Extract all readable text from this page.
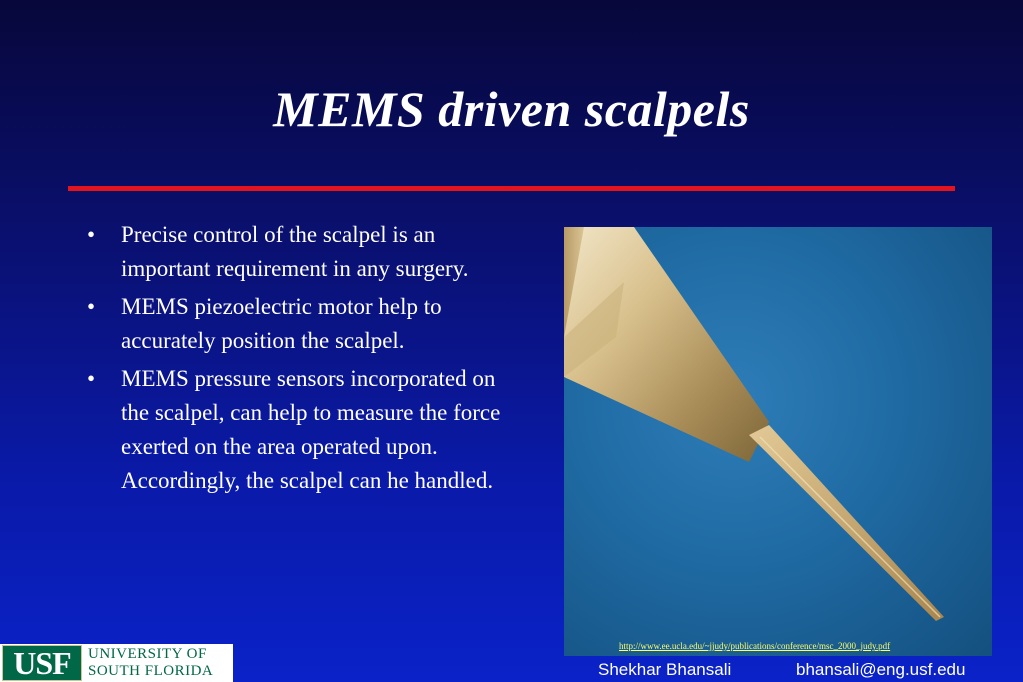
MEMS driven scalpels
• Precise control of the scalpel is an important requirement in any surgery.
• MEMS piezoelectric motor help to accurately position the scalpel.
• MEMS pressure sensors incorporated on the scalpel, can help to measure the force exerted on the area operated upon. Accordingly, the scalpel can he handled.
http://www.ee.ucla.edu/~jjudy/publications/conference/msc_2000_judy.pdf
USF	UNIVERSITY OF
SOUTH FLORIDA	Shekhar Bhansali	bhansali@eng.usf.edu
